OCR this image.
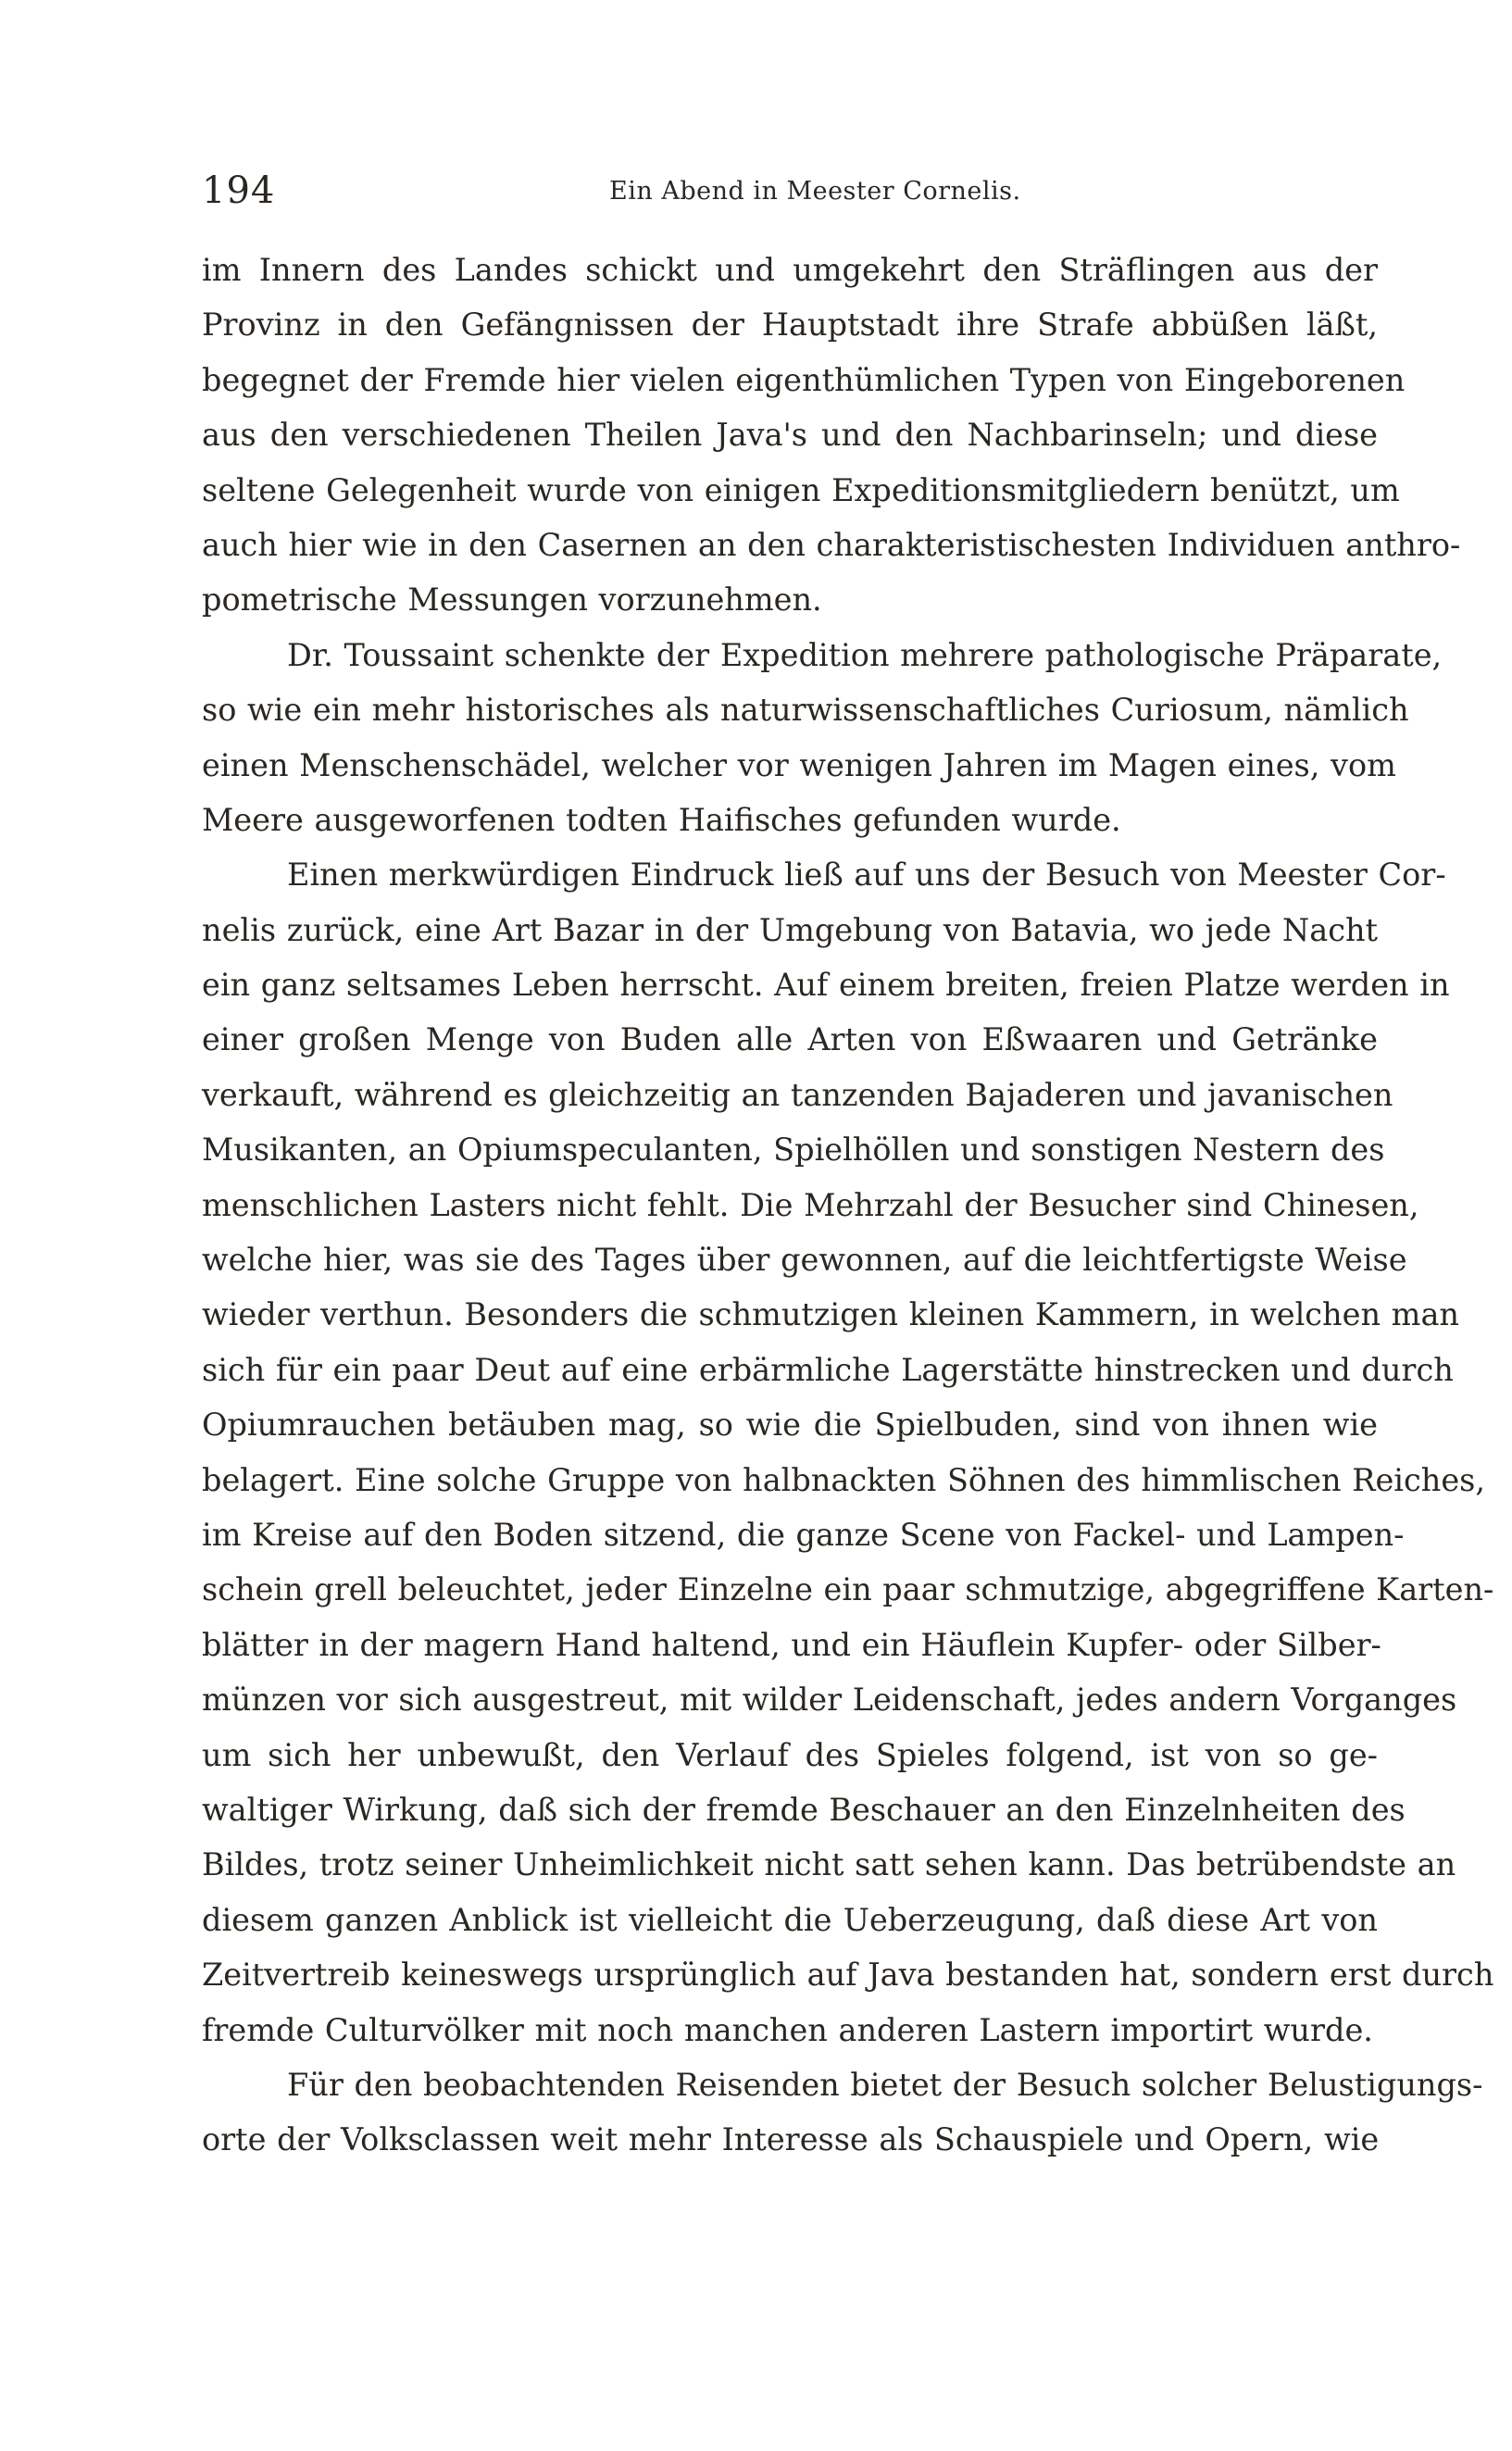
194	Ein Abend in Meester Cornelis.
im Innern des Landes schickt und umgekehrt den Sträflingen aus der
Provinz in den Gefängnissen der Hauptstadt ihre Strafe abbüßen läßt,
begegnet der Fremde hier vielen eigenthümlichen Typen von Eingeborenen
aus den verschiedenen Theilen Java's und den Nachbarinseln; und diese
seltene Gelegenheit wurde von einigen Expeditionsmitgliedern benützt, um
auch hier wie in den Casernen an den charakteristischesten Individuen anthro-
pometrische Messungen vorzunehmen.
Dr. Toussaint schenkte der Expedition mehrere pathologische Präparate,
so wie ein mehr historisches als naturwissenschaftliches Curiosum, nämlich
einen Menschenschädel, welcher vor wenigen Jahren im Magen eines, vom
Meere ausgeworfenen todten Haifisches gefunden wurde.
Einen merkwürdigen Eindruck ließ auf uns der Besuch von Meester Cor-
nelis zurück, eine Art Bazar in der Umgebung von Batavia, wo jede Nacht
ein ganz seltsames Leben herrscht. Auf einem breiten, freien Platze werden in
einer großen Menge von Buden alle Arten von Eßwaaren und Getränke
verkauft, während es gleichzeitig an tanzenden Bajaderen und javanischen
Musikanten, an Opiumspeculanten, Spielhöllen und sonstigen Nestern des
menschlichen Lasters nicht fehlt. Die Mehrzahl der Besucher sind Chinesen,
welche hier, was sie des Tages über gewonnen, auf die leichtfertigste Weise
wieder verthun. Besonders die schmutzigen kleinen Kammern, in welchen man
sich für ein paar Deut auf eine erbärmliche Lagerstätte hinstrecken und durch
Opiumrauchen betäuben mag, so wie die Spielbuden, sind von ihnen wie
belagert. Eine solche Gruppe von halbnackten Söhnen des himmlischen Reiches,
im Kreise auf den Boden sitzend, die ganze Scene von Fackel- und Lampen-
schein grell beleuchtet, jeder Einzelne ein paar schmutzige, abgegriffene Karten-
blätter in der magern Hand haltend, und ein Häuflein Kupfer- oder Silber-
münzen vor sich ausgestreut, mit wilder Leidenschaft, jedes andern Vorganges
um sich her unbewußt, den Verlauf des Spieles folgend, ist von so ge-
waltiger Wirkung, daß sich der fremde Beschauer an den Einzelnheiten des
Bildes, trotz seiner Unheimlichkeit nicht satt sehen kann. Das betrübendste an
diesem ganzen Anblick ist vielleicht die Ueberzeugung, daß diese Art von
Zeitvertreib keineswegs ursprünglich auf Java bestanden hat, sondern erst durch
fremde Culturvölker mit noch manchen anderen Lastern importirt wurde.
Für den beobachtenden Reisenden bietet der Besuch solcher Belustigungs-
orte der Volksclassen weit mehr Interesse als Schauspiele und Opern, wie
